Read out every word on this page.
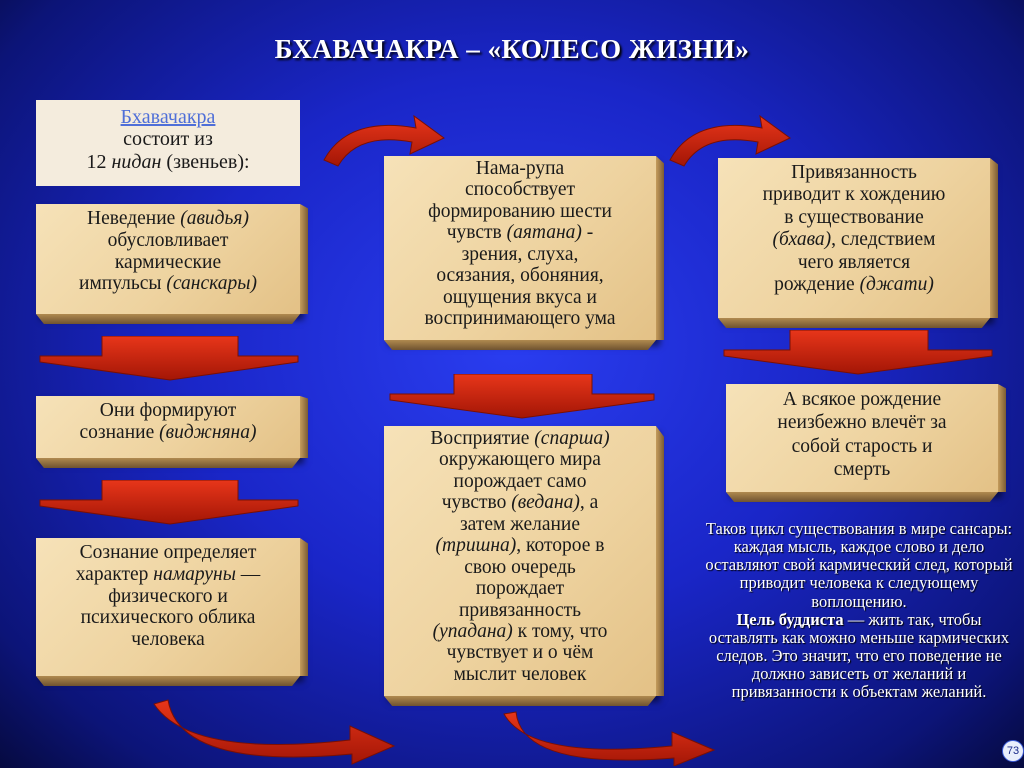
БХАВАЧАКРА – «КОЛЕСО ЖИЗНИ»
Бхавачакра
состоит из
12 нидан (звеньев):
Неведение (авидья)
обусловливает
кармические
импульсы (санскары)
Они формируют
сознание (виджняна)
Сознание определяет
характер намаруны —
физического и
психического облика
человека
Нама-рупа
способствует
формированию шести
чувств (аятана) -
зрения, слуха,
осязания, обоняния,
ощущения вкуса и
воспринимающего ума
Восприятие (спарша)
окружающего мира
порождает само
чувство (ведана), а
затем желание
(тришна), которое в
свою очередь
порождает
привязанность
(упадана) к тому, что
чувствует и о чём
мыслит человек
Привязанность
приводит к хождению
в существование
(бхава), следствием
чего является
рождение (джати)
А всякое рождение
неизбежно влечёт за
собой старость и
смерть
Таков цикл существования в мире сансары: каждая мысль, каждое слово и дело оставляют свой кармический след, который приводит человека к следующему воплощению.
Цель буддиста — жить так, чтобы оставлять как можно меньше кармических следов. Это значит, что его поведение не должно зависеть от желаний и привязанности к объектам желаний.
73
